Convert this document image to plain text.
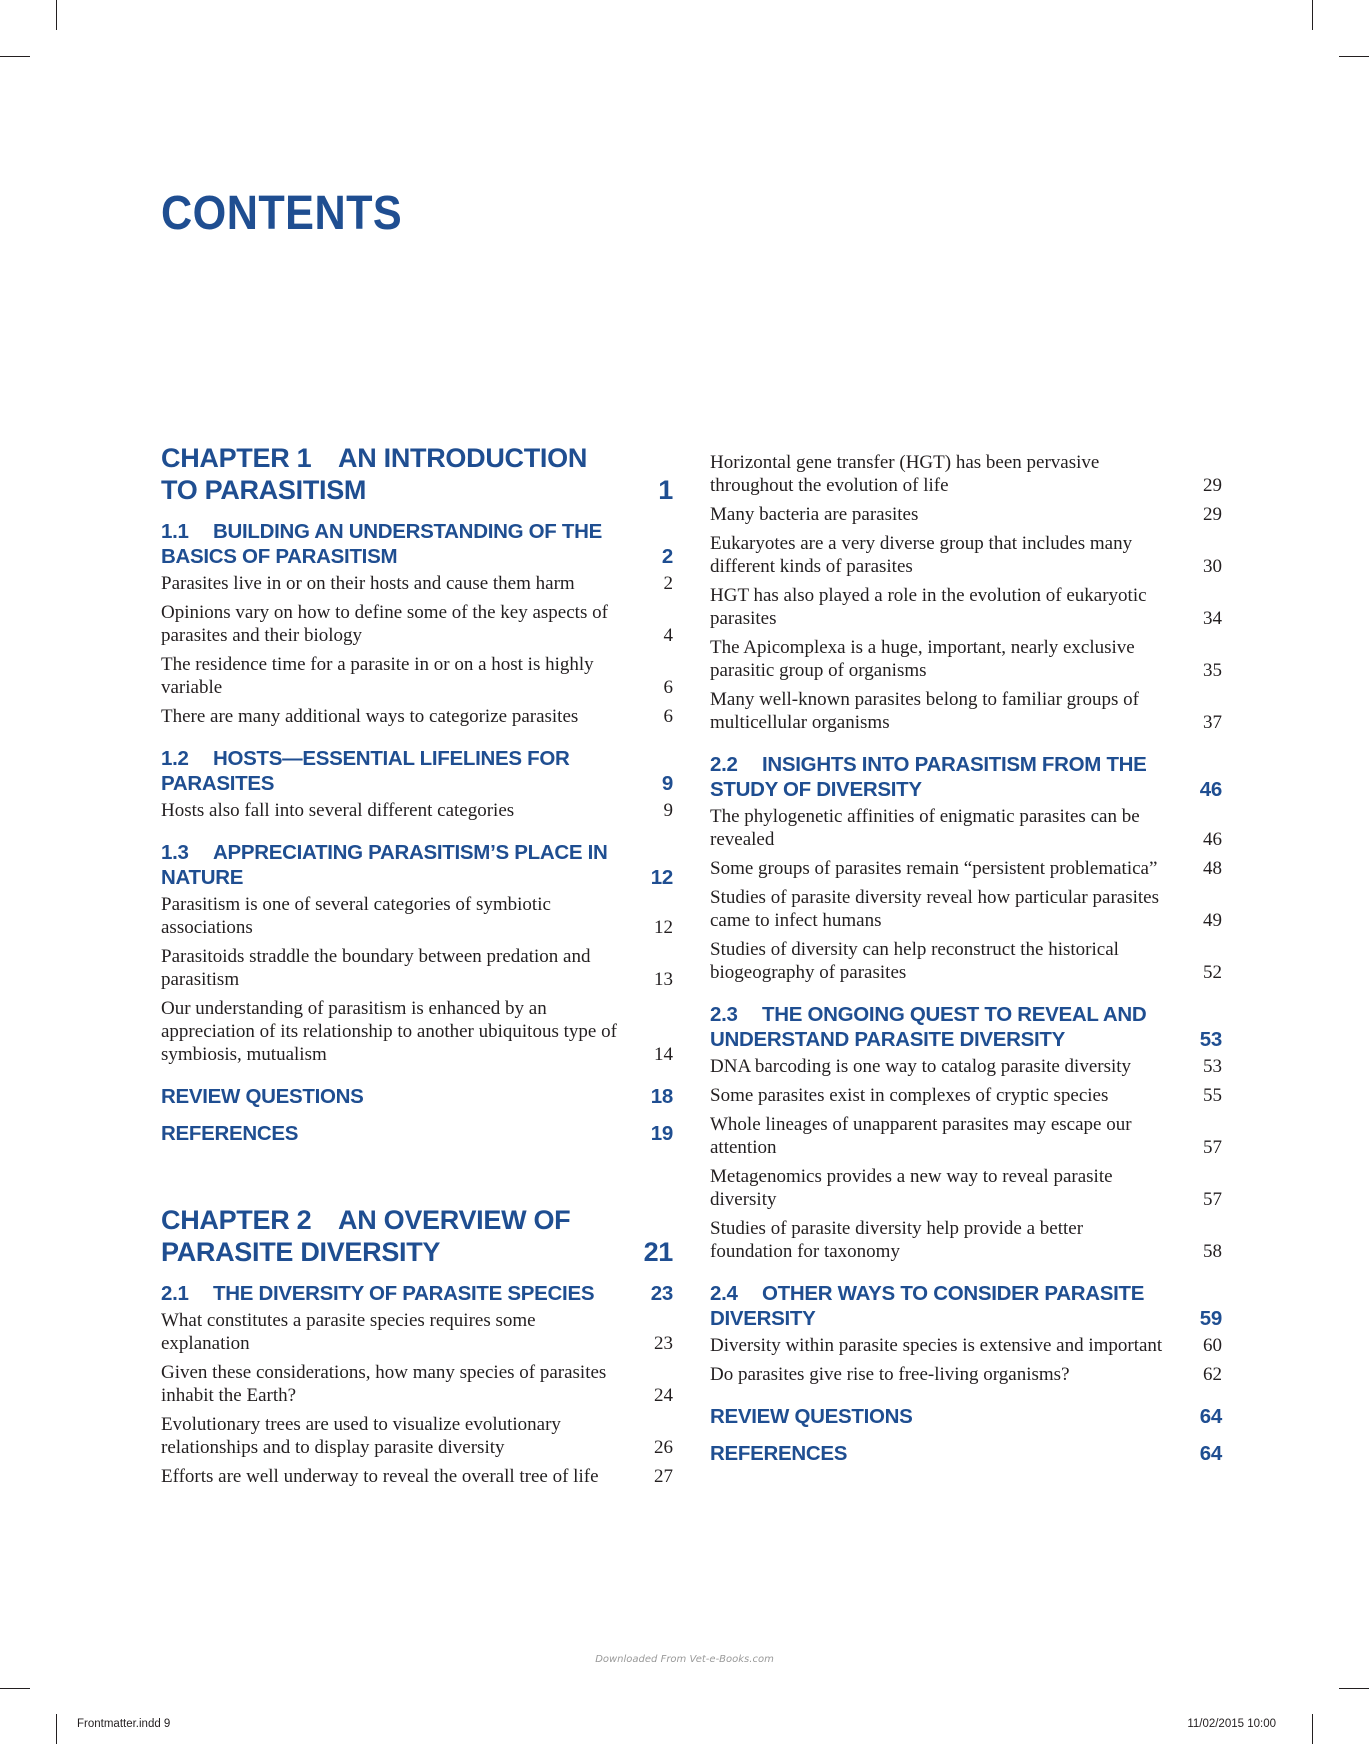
CONTENTS
CHAPTER 1  AN INTRODUCTION TO PARASITISM	1
1.1 BUILDING AN UNDERSTANDING OF THE BASICS OF PARASITISM	2
Parasites live in or on their hosts and cause them harm	2
Opinions vary on how to define some of the key aspects of parasites and their biology	4
The residence time for a parasite in or on a host is highly variable	6
There are many additional ways to categorize parasites	6
1.2 HOSTS—ESSENTIAL LIFELINES FOR PARASITES	9
Hosts also fall into several different categories	9
1.3 APPRECIATING PARASITISM’S PLACE IN NATURE	12
Parasitism is one of several categories of symbiotic associations	12
Parasitoids straddle the boundary between predation and parasitism	13
Our understanding of parasitism is enhanced by an appreciation of its relationship to another ubiquitous type of symbiosis, mutualism	14
REVIEW QUESTIONS	18
REFERENCES	19
CHAPTER 2  AN OVERVIEW OF PARASITE DIVERSITY	21
2.1 THE DIVERSITY OF PARASITE SPECIES	23
What constitutes a parasite species requires some explanation	23
Given these considerations, how many species of parasites inhabit the Earth?	24
Evolutionary trees are used to visualize evolutionary relationships and to display parasite diversity	26
Efforts are well underway to reveal the overall tree of life	27
Horizontal gene transfer (HGT) has been pervasive throughout the evolution of life	29
Many bacteria are parasites	29
Eukaryotes are a very diverse group that includes many different kinds of parasites	30
HGT has also played a role in the evolution of eukaryotic parasites	34
The Apicomplexa is a huge, important, nearly exclusive parasitic group of organisms	35
Many well-known parasites belong to familiar groups of multicellular organisms	37
2.2 INSIGHTS INTO PARASITISM FROM THE STUDY OF DIVERSITY	46
The phylogenetic affinities of enigmatic parasites can be revealed	46
Some groups of parasites remain “persistent problematica”	48
Studies of parasite diversity reveal how particular parasites came to infect humans	49
Studies of diversity can help reconstruct the historical biogeography of parasites	52
2.3 THE ONGOING QUEST TO REVEAL AND UNDERSTAND PARASITE DIVERSITY	53
DNA barcoding is one way to catalog parasite diversity	53
Some parasites exist in complexes of cryptic species	55
Whole lineages of unapparent parasites may escape our attention	57
Metagenomics provides a new way to reveal parasite diversity	57
Studies of parasite diversity help provide a better foundation for taxonomy	58
2.4 OTHER WAYS TO CONSIDER PARASITE DIVERSITY	59
Diversity within parasite species is extensive and important	60
Do parasites give rise to free-living organisms?	62
REVIEW QUESTIONS	64
REFERENCES	64
Downloaded From Vet-e-Books.com
Frontmatter.indd 9	11/02/2015 10:00
